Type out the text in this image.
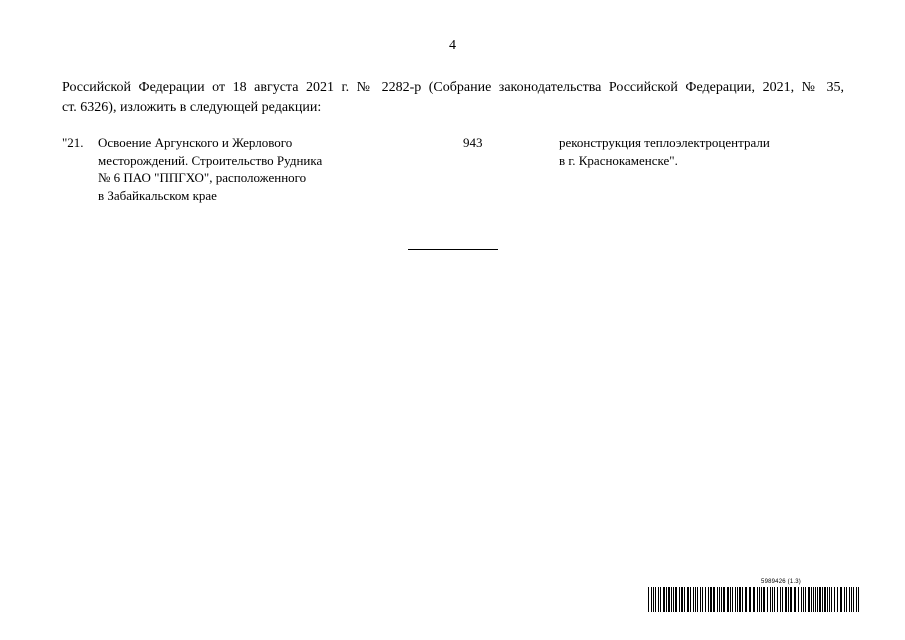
4
Российской Федерации от 18 августа 2021 г. № 2282-р (Собрание законодательства Российской Федерации, 2021, № 35,
ст. 6326), изложить в следующей редакции:
"21. Освоение Аргунского и Жерлового
месторождений. Строительство Рудника
№ 6 ПАО "ППГХО", расположенного
в Забайкальском крае
943	реконструкция теплоэлектроцентрали
в г. Краснокаменске".
5989426 (1.3)
